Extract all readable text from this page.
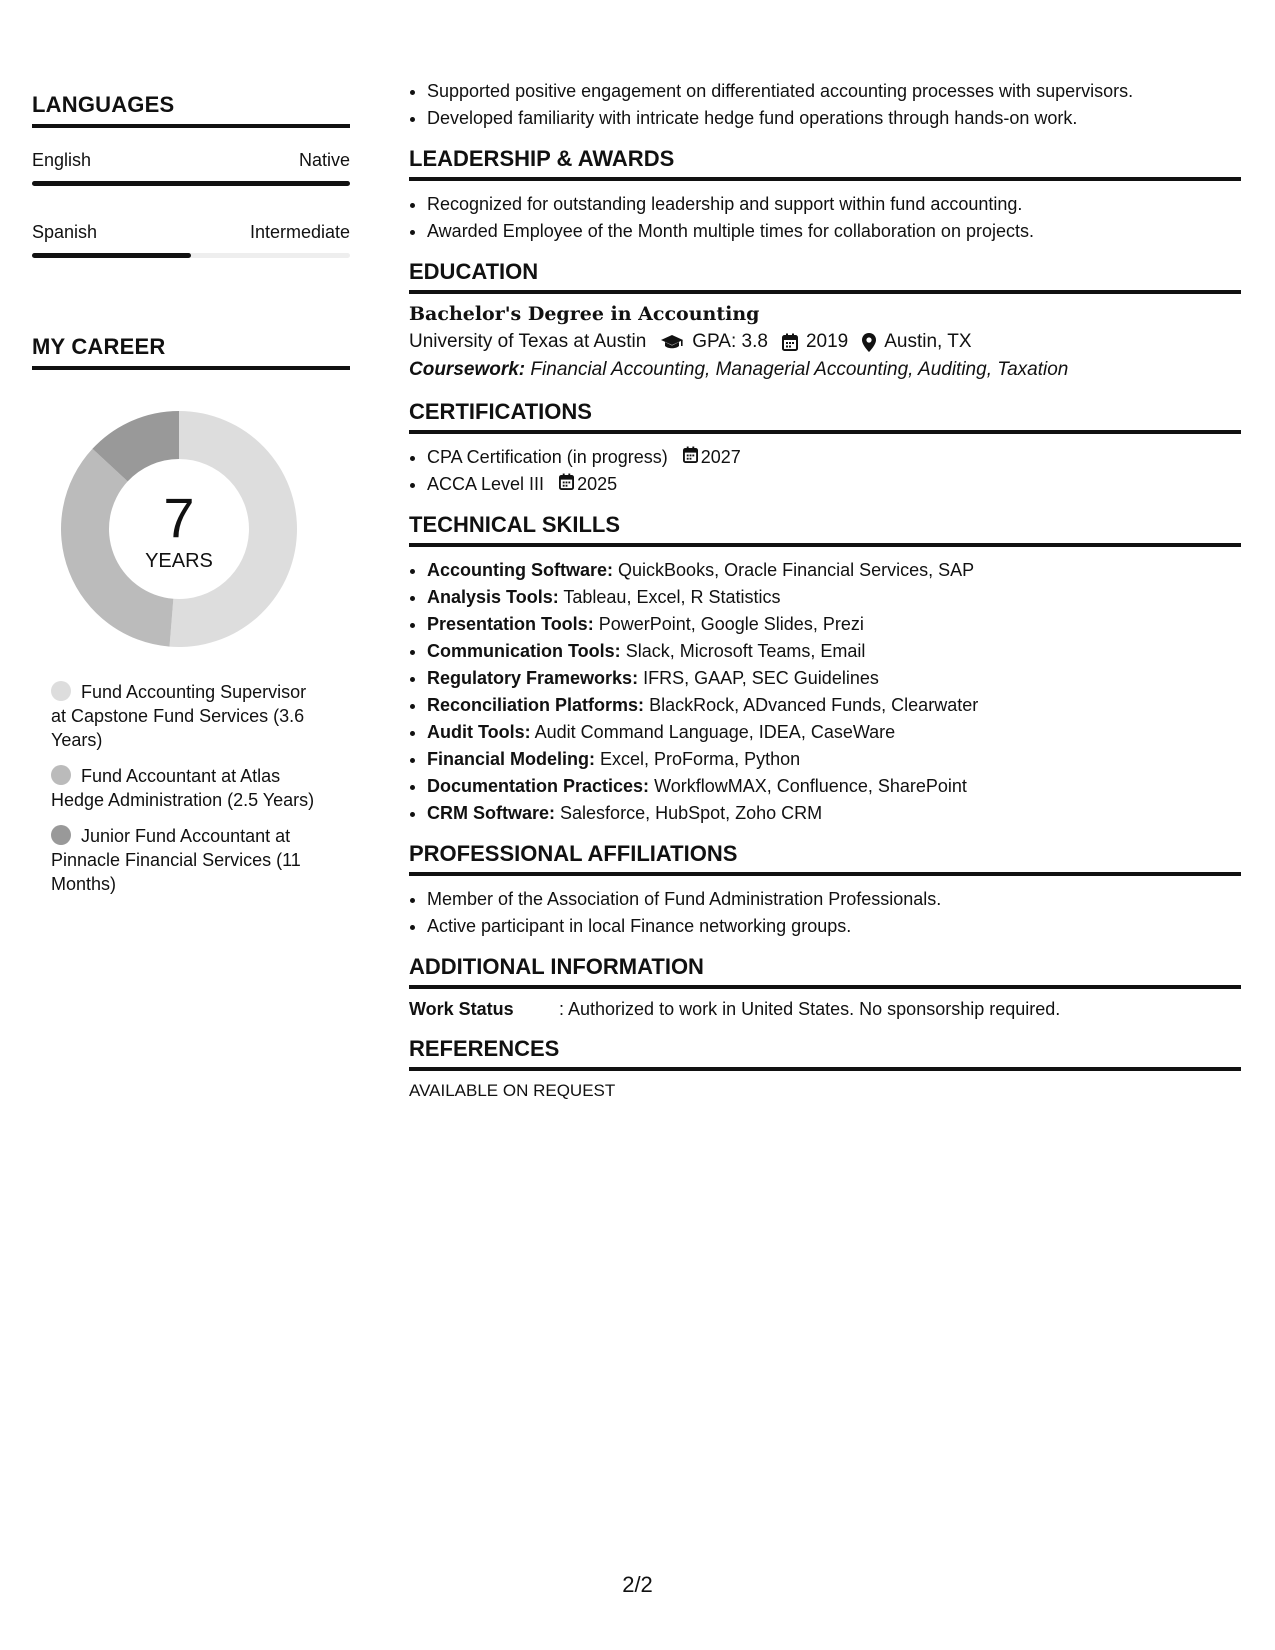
LANGUAGES
English	Native
Spanish	Intermediate
MY CAREER
7
YEARS
Fund Accounting Supervisor at Capstone Fund Services (3.6 Years)
Fund Accountant at Atlas Hedge Administration (2.5 Years)
Junior Fund Accountant at Pinnacle Financial Services (11 Months)
• Supported positive engagement on differentiated accounting processes with supervisors.
• Developed familiarity with intricate hedge fund operations through hands-on work.
LEADERSHIP & AWARDS
• Recognized for outstanding leadership and support within fund accounting.
• Awarded Employee of the Month multiple times for collaboration on projects.
EDUCATION
Bachelor's Degree in Accounting
University of Texas at Austin GPA: 3.8 2019 Austin, TX
Coursework: Financial Accounting, Managerial Accounting, Auditing, Taxation
CERTIFICATIONS
• CPA Certification (in progress) 2027
• ACCA Level III 2025
TECHNICAL SKILLS
• Accounting Software: QuickBooks, Oracle Financial Services, SAP
• Analysis Tools: Tableau, Excel, R Statistics
• Presentation Tools: PowerPoint, Google Slides, Prezi
• Communication Tools: Slack, Microsoft Teams, Email
• Regulatory Frameworks: IFRS, GAAP, SEC Guidelines
• Reconciliation Platforms: BlackRock, ADvanced Funds, Clearwater
• Audit Tools: Audit Command Language, IDEA, CaseWare
• Financial Modeling: Excel, ProForma, Python
• Documentation Practices: WorkflowMAX, Confluence, SharePoint
• CRM Software: Salesforce, HubSpot, Zoho CRM
PROFESSIONAL AFFILIATIONS
• Member of the Association of Fund Administration Professionals.
• Active participant in local Finance networking groups.
ADDITIONAL INFORMATION
Work Status	: Authorized to work in United States. No sponsorship required.
REFERENCES
AVAILABLE ON REQUEST
2/2
